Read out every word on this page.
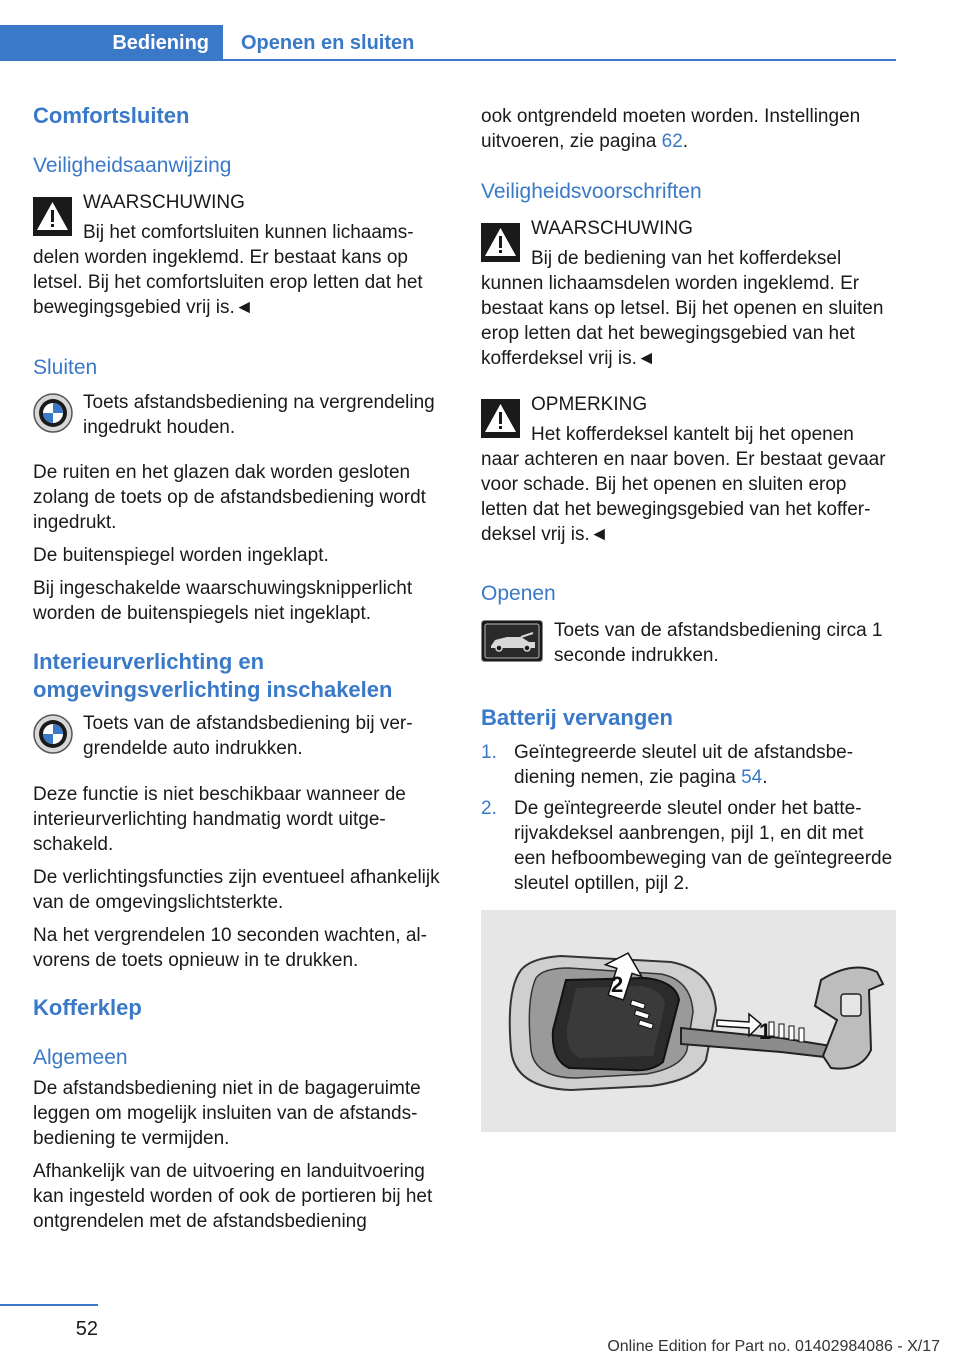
Bediening Openen en sluiten
Comfortsluiten
Veiligheidsaanwijzing
WAARSCHUWING
Bij het comfortsluiten kunnen lichaamsdelen worden ingeklemd. Er bestaat kans op letsel. Bij het comfortsluiten erop letten dat het bewegingsgebied vrij is.◄
Sluiten
Toets afstandsbediening na vergrendeling ingedrukt houden.

De ruiten en het glazen dak worden gesloten zolang de toets op de afstandsbediening wordt ingedrukt.

De buitenspiegel worden ingeklapt.

Bij ingeschakelde waarschuwingsknipperlicht worden de buitenspiegels niet ingeklapt.

Interieurverlichting en omgevingsverlichting inschakelen
Toets van de afstandsbediening bij vergrendelde auto indrukken.

Deze functie is niet beschikbaar wanneer de interieurverlichting handmatig wordt uitgeschakeld.

De verlichtingsfuncties zijn eventueel afhankelijk van de omgevingslichtsterkte.

Na het vergrendelen 10 seconden wachten, alvorens de toets opnieuw in te drukken.

Kofferklep
Algemeen

De afstandsbediening niet in de bagageruimte leggen om mogelijk insluiten van de afstandsbediening te vermijden.

Afhankelijk van de uitvoering en landuitvoering kan ingesteld worden of ook de portieren bij het ontgrendelen met de afstandsbediening

ook ontgrendeld moeten worden. Instellingen uitvoeren, zie pagina 62.

Veiligheidsvoorschriften
WAARSCHUWING
Bij de bediening van het kofferdeksel kunnen lichaamsdelen worden ingeklemd. Er bestaat kans op letsel. Bij het openen en sluiten erop letten dat het bewegingsgebied van het kofferdeksel vrij is.◄
OPMERKING
Het kofferdeksel kantelt bij het openen naar achteren en naar boven. Er bestaat gevaar voor schade. Bij het openen en sluiten erop letten dat het bewegingsgebied van het kofferdeksel vrij is.◄
Openen
Toets van de afstandsbediening circa 1 seconde indrukken.
Batterij vervangen
1. Geïntegreerde sleutel uit de afstandsbediening nemen, zie pagina 54.
2. De geïntegreerde sleutel onder het batterijvakdeksel aanbrengen, pijl 1, en dit met een hefboombeweging van de geïntegreerde sleutel optillen, pijl 2.
1
2
52
Online Edition for Part no. 01402984086 - X/17
